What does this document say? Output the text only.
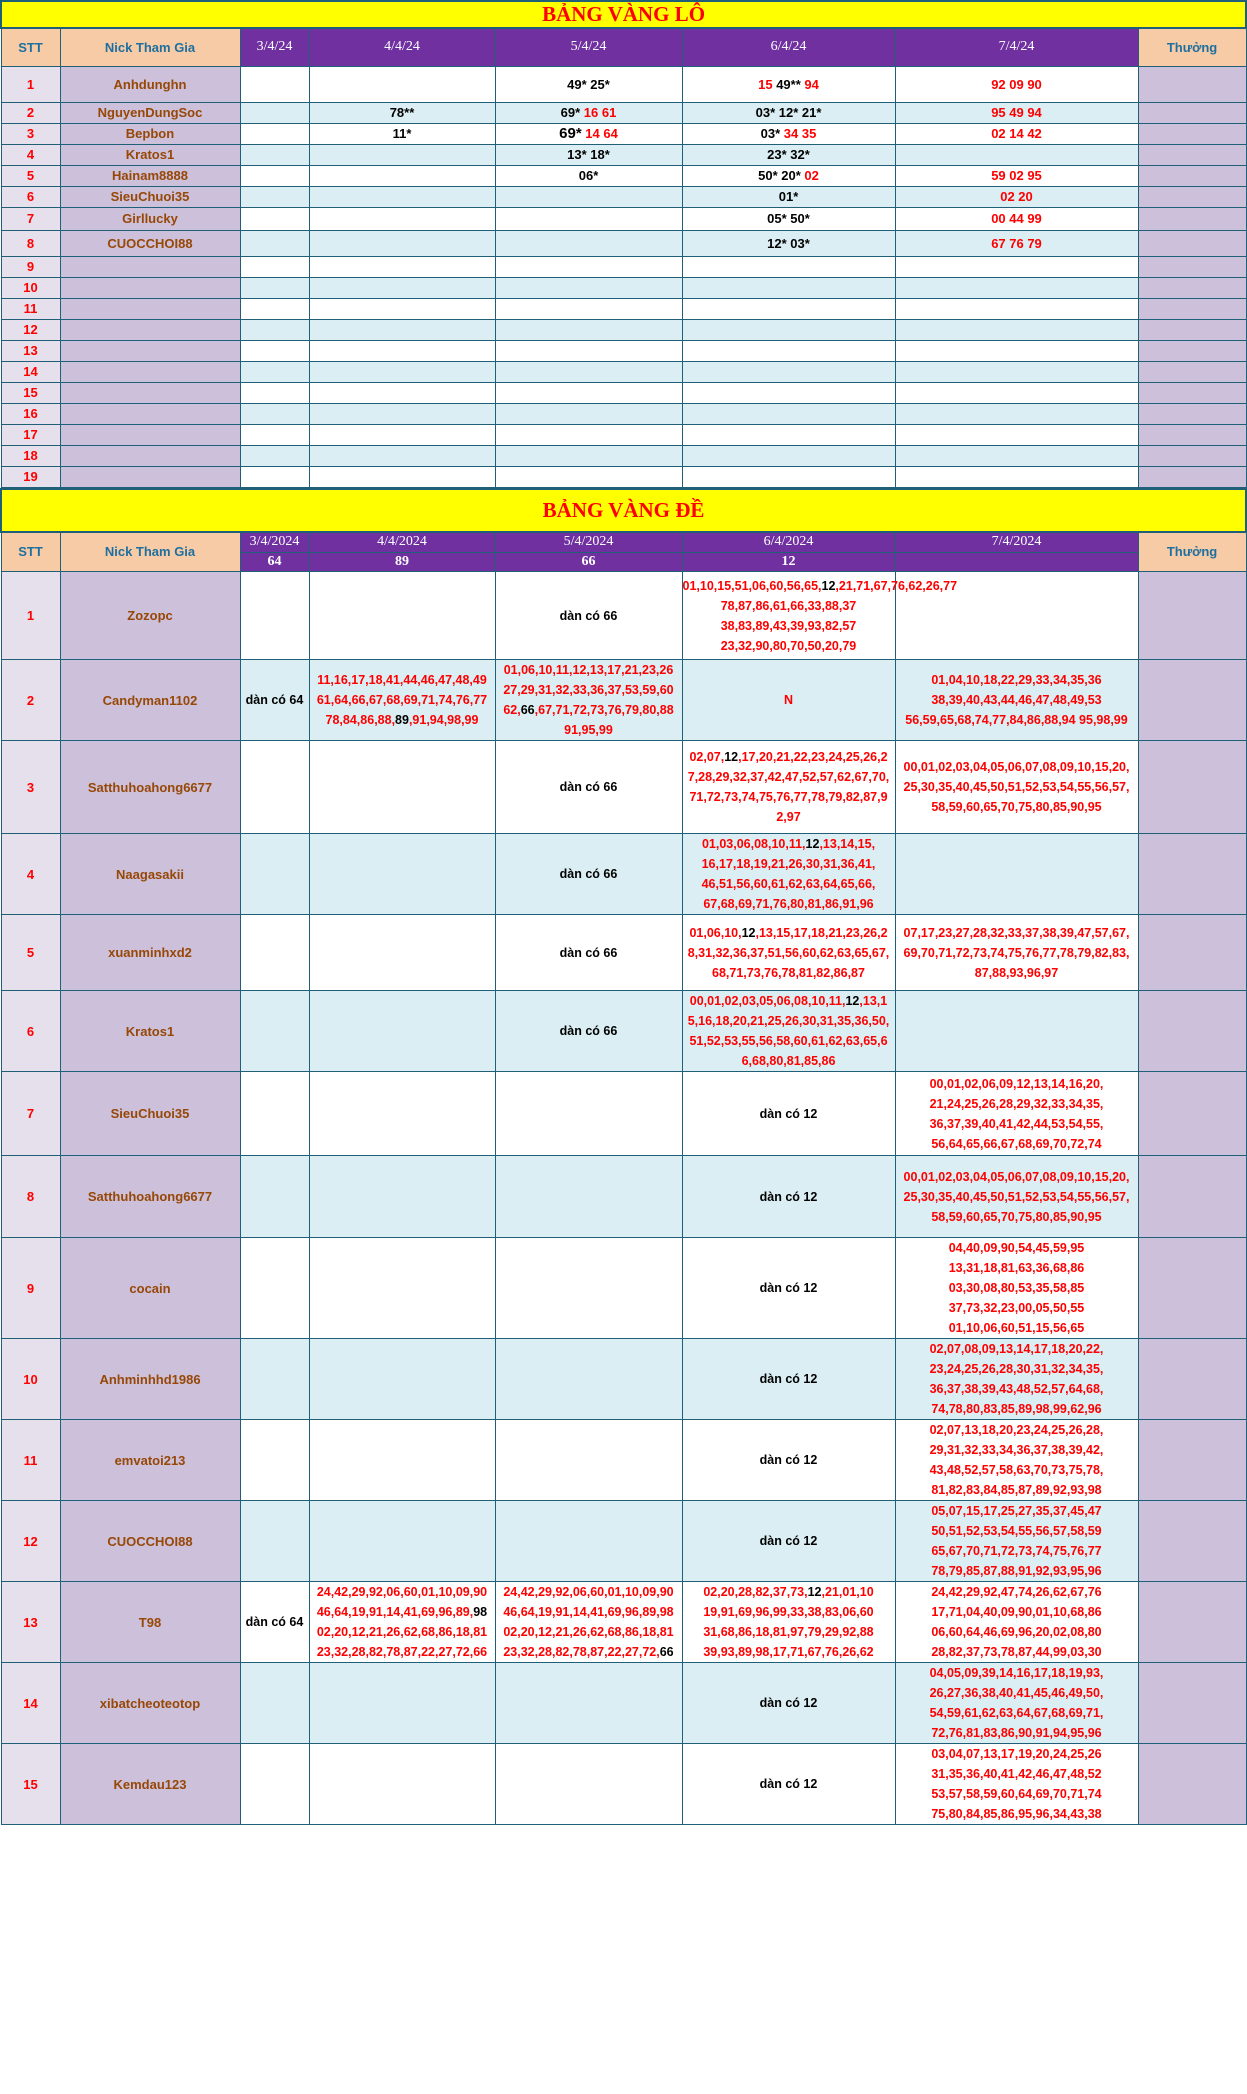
BẢNG VÀNG LÔ							
STT	Nick Tham Gia	3/4/24	4/4/24	5/4/24	6/4/24	7/4/24	Thưởng
1	Anhdunghn			49* 25*	15 49** 94	92 09 90	
2	NguyenDungSoc		78**	69* 16 61	03* 12* 21*	95 49 94	
3	Bepbon		11*	69* 14 64	03* 34 35	02 14 42	
4	Kratos1			13* 18*	23* 32*		
5	Hainam8888			06*	50* 20* 02	59 02 95	
6	SieuChuoi35				01*	02 20	
7	Girllucky				05* 50*	00 44 99	
8	CUOCCHOI88				12* 03*	67 76 79	
9							
10							
11							
12							
13							
14							
15							
16							
17							
18							
19							
BẢNG VÀNG ĐỀ							
STT	Nick Tham Gia	3/4/2024	4/4/2024	5/4/2024	6/4/2024	7/4/2024	Thưởng
		64	89	66	12		
1	Zozopc			dàn có 66	01,10,15,51,06,60,56,65,12,21,71,67,76,62,26,77 78,87,86,61,66,33,88,37 38,83,89,43,39,93,82,57 23,32,90,80,70,50,20,79		
2	Candyman1102	dàn có 64	11,16,17,18,41,44,46,47,48,49 61,64,66,67,68,69,71,74,76,77 78,84,86,88,89,91,94,98,99	01,06,10,11,12,13,17,21,23,26 27,29,31,32,33,36,37,53,59,60 62,66,67,71,72,73,76,79,80,88 91,95,99	N	01,04,10,18,22,29,33,34,35,36 38,39,40,43,44,46,47,48,49,53 56,59,65,68,74,77,84,86,88,94 95,98,99	
3	Satthuhoahong6677			dàn có 66	02,07,12,17,20,21,22,23,24,25,26,2 7,28,29,32,37,42,47,52,57,62,67,70, 71,72,73,74,75,76,77,78,79,82,87,9 2,97	00,01,02,03,04,05,06,07,08,09,10,15,20, 25,30,35,40,45,50,51,52,53,54,55,56,57, 58,59,60,65,70,75,80,85,90,95	
4	Naagasakii			dàn có 66	01,03,06,08,10,11,12,13,14,15, 16,17,18,19,21,26,30,31,36,41, 46,51,56,60,61,62,63,64,65,66, 67,68,69,71,76,80,81,86,91,96		
5	xuanminhxd2			dàn có 66	01,06,10,12,13,15,17,18,21,23,26,2 8,31,32,36,37,51,56,60,62,63,65,67, 68,71,73,76,78,81,82,86,87	07,17,23,27,28,32,33,37,38,39,47,57,67, 69,70,71,72,73,74,75,76,77,78,79,82,83, 87,88,93,96,97	
6	Kratos1			dàn có 66	00,01,02,03,05,06,08,10,11,12,13,1 5,16,18,20,21,25,26,30,31,35,36,50, 51,52,53,55,56,58,60,61,62,63,65,6 6,68,80,81,85,86		
7	SieuChuoi35				dàn có 12	00,01,02,06,09,12,13,14,16,20, 21,24,25,26,28,29,32,33,34,35, 36,37,39,40,41,42,44,53,54,55, 56,64,65,66,67,68,69,70,72,74	
8	Satthuhoahong6677				dàn có 12	00,01,02,03,04,05,06,07,08,09,10,15,20, 25,30,35,40,45,50,51,52,53,54,55,56,57, 58,59,60,65,70,75,80,85,90,95	
9	cocain				dàn có 12	04,40,09,90,54,45,59,95 13,31,18,81,63,36,68,86 03,30,08,80,53,35,58,85 37,73,32,23,00,05,50,55 01,10,06,60,51,15,56,65	
10	Anhminhhd1986				dàn có 12	02,07,08,09,13,14,17,18,20,22, 23,24,25,26,28,30,31,32,34,35, 36,37,38,39,43,48,52,57,64,68, 74,78,80,83,85,89,98,99,62,96	
11	emvatoi213				dàn có 12	02,07,13,18,20,23,24,25,26,28, 29,31,32,33,34,36,37,38,39,42, 43,48,52,57,58,63,70,73,75,78, 81,82,83,84,85,87,89,92,93,98	
12	CUOCCHOI88				dàn có 12	05,07,15,17,25,27,35,37,45,47 50,51,52,53,54,55,56,57,58,59 65,67,70,71,72,73,74,75,76,77 78,79,85,87,88,91,92,93,95,96	
13	T98	dàn có 64	24,42,29,92,06,60,01,10,09,90 46,64,19,91,14,41,69,96,89,98 02,20,12,21,26,62,68,86,18,81 23,32,28,82,78,87,22,27,72,66	24,42,29,92,06,60,01,10,09,90 46,64,19,91,14,41,69,96,89,98 02,20,12,21,26,62,68,86,18,81 23,32,28,82,78,87,22,27,72,66	02,20,28,82,37,73,12,21,01,10 19,91,69,96,99,33,38,83,06,60 31,68,86,18,81,97,79,29,92,88 39,93,89,98,17,71,67,76,26,62	24,42,29,92,47,74,26,62,67,76 17,71,04,40,09,90,01,10,68,86 06,60,64,46,69,96,20,02,08,80 28,82,37,73,78,87,44,99,03,30	
14	xibatcheoteotop				dàn có 12	04,05,09,39,14,16,17,18,19,93, 26,27,36,38,40,41,45,46,49,50, 54,59,61,62,63,64,67,68,69,71, 72,76,81,83,86,90,91,94,95,96	
15	Kemdau123				dàn có 12	03,04,07,13,17,19,20,24,25,26 31,35,36,40,41,42,46,47,48,52 53,57,58,59,60,64,69,70,71,74 75,80,84,85,86,95,96,34,43,38	
